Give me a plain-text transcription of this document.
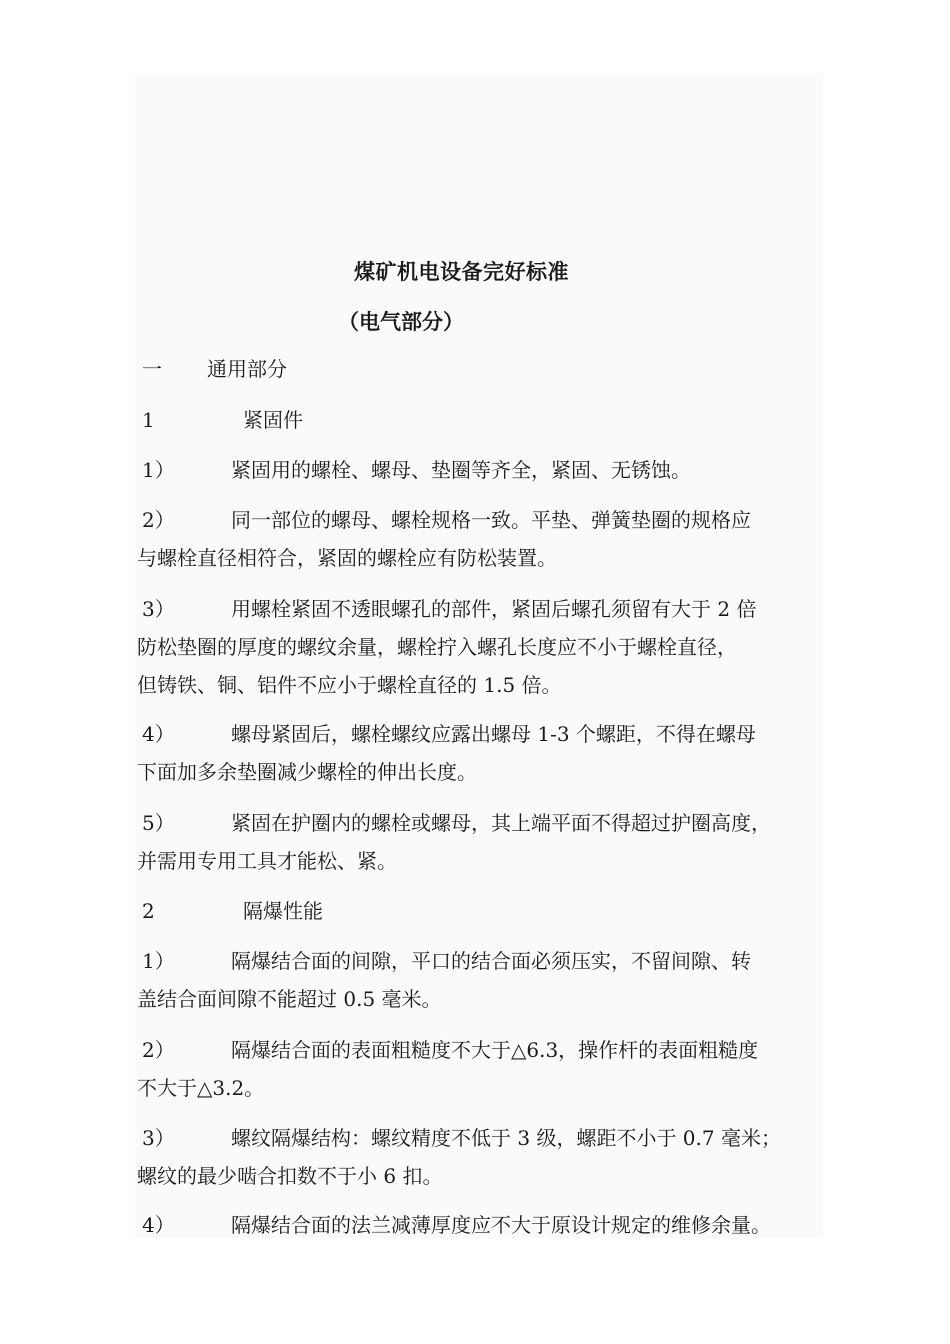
煤矿机电设备完好标准
（电气部分）
一 通用部分
1	紧固件
1）	紧固用的螺栓、螺母、垫圈等齐全，紧固、无锈蚀。
2）	同一部位的螺母、螺栓规格一致。平垫、弹簧垫圈的规格应
与螺栓直径相符合，紧固的螺栓应有防松装置。
3）	用螺栓紧固不透眼螺孔的部件，紧固后螺孔须留有大于 2 倍
防松垫圈的厚度的螺纹余量，螺栓拧入螺孔长度应不小于螺栓直径，
但铸铁、铜、铝件不应小于螺栓直径的 1.5 倍。
4）	螺母紧固后，螺栓螺纹应露出螺母 1-3 个螺距，不得在螺母
下面加多余垫圈减少螺栓的伸出长度。
5）	紧固在护圈内的螺栓或螺母，其上端平面不得超过护圈高度，
并需用专用工具才能松、紧。
2	隔爆性能
1）	隔爆结合面的间隙，平口的结合面必须压实，不留间隙、转
盖结合面间隙不能超过 0.5 毫米。
2）	隔爆结合面的表面粗糙度不大于△6.3，操作杆的表面粗糙度
不大于△3.2。
3）	螺纹隔爆结构：螺纹精度不低于 3 级，螺距不小于 0.7 毫米；
螺纹的最少啮合扣数不于小 6 扣。
4）	隔爆结合面的法兰减薄厚度应不大于原设计规定的维修余量。
